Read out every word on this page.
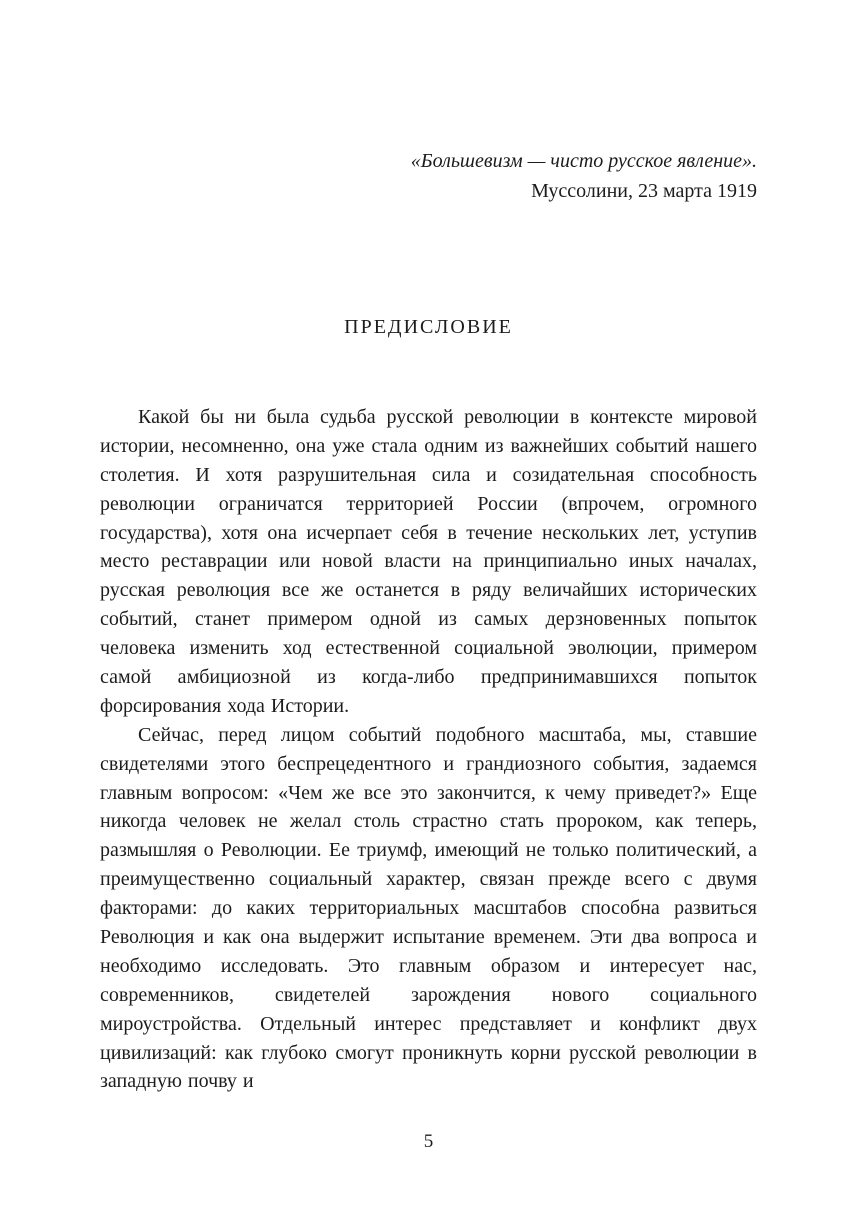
«Большевизм — чисто русское явление».
Муссолини, 23 марта 1919
ПРЕДИСЛОВИЕ

Какой бы ни была судьба русской революции в контексте мировой истории, несомненно, она уже стала одним из важнейших событий нашего столетия. И хотя разрушительная сила и созидательная способность революции ограничатся территорией России (впрочем, огромного государства), хотя она исчерпает себя в течение нескольких лет, уступив место реставрации или новой власти на принципиально иных началах, русская революция все же останется в ряду величайших исторических событий, станет примером одной из самых дерзновенных попыток человека изменить ход естественной социальной эволюции, примером самой амбициозной из когда-либо предпринимавшихся попыток форсирования хода Истории.

Сейчас, перед лицом событий подобного масштаба, мы, ставшие свидетелями этого беспрецедентного и грандиозного события, задаемся главным вопросом: «Чем же все это закончится, к чему приведет?» Еще никогда человек не желал столь страстно стать пророком, как теперь, размышляя о Революции. Ее триумф, имеющий не только политический, а преимущественно социальный характер, связан прежде всего с двумя факторами: до каких территориальных масштабов способна развиться Революция и как она выдержит испытание временем. Эти два вопроса и необходимо исследовать. Это главным образом и интересует нас, современников, свидетелей зарождения нового социального мироустройства. Отдельный интерес представляет и конфликт двух цивилизаций: как глубоко смогут проникнуть корни русской революции в западную почву и

5
